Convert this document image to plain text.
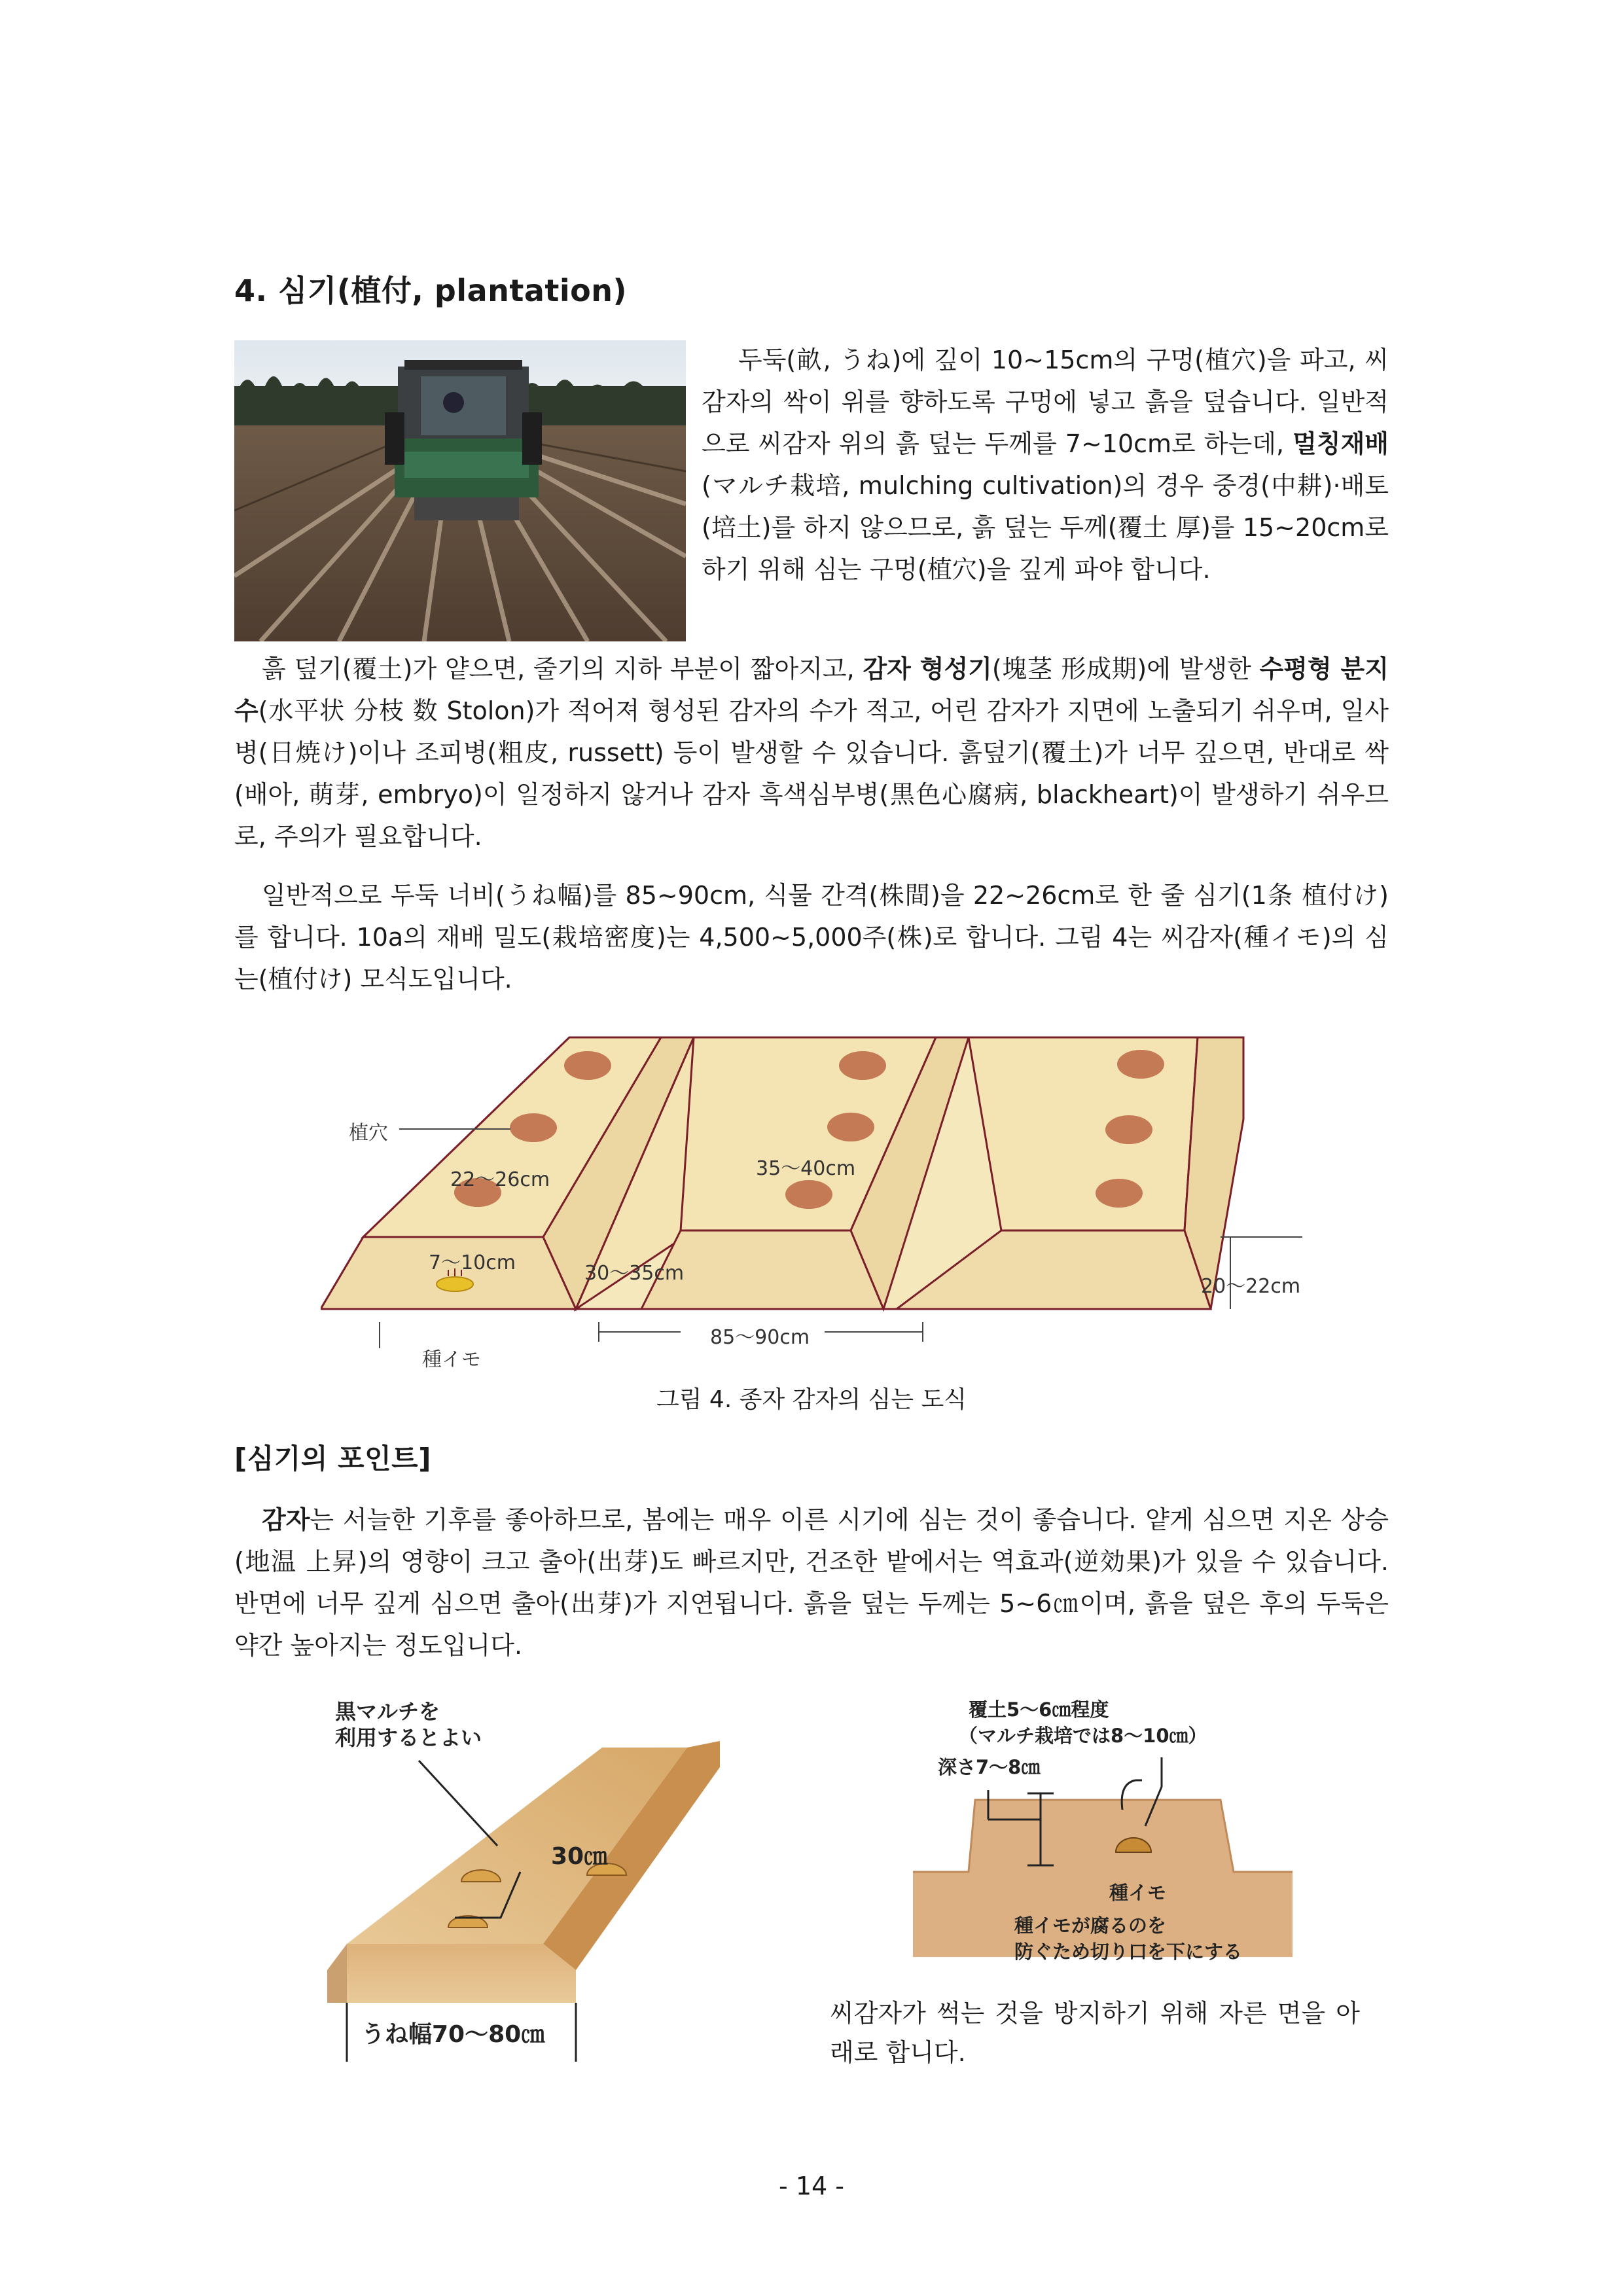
4. 심기(植付, plantation)
두둑(畝, うね)에 깊이 10~15cm의 구멍(植穴)을 파고, 씨감자의 싹이 위를 향하도록 구멍에 넣고 흙을 덮습니다. 일반적으로 씨감자 위의 흙 덮는 두께를 7~10cm로 하는데, 멀칭재배(マルチ栽培, mulching cultivation)의 경우 중경(中耕)·배토(培土)를 하지 않으므로, 흙 덮는 두께(覆土 厚)를 15~20cm로 하기 위해 심는 구멍(植穴)을 깊게 파야 합니다.
흙 덮기(覆土)가 얕으면, 줄기의 지하 부분이 짧아지고, 감자 형성기(塊茎 形成期)에 발생한 수평형 분지 수(水平状 分枝 数 Stolon)가 적어져 형성된 감자의 수가 적고, 어린 감자가 지면에 노출되기 쉬우며, 일사병(日焼け)이나 조피병(粗皮, russett) 등이 발생할 수 있습니다. 흙덮기(覆土)가 너무 깊으면, 반대로 싹(배아, 萌芽, embryo)이 일정하지 않거나 감자 흑색심부병(黒色心腐病, blackheart)이 발생하기 쉬우므로, 주의가 필요합니다.
일반적으로 두둑 너비(うね幅)를 85~90cm, 식물 간격(株間)을 22~26cm로 한 줄 심기(1条 植付け)를 합니다. 10a의 재배 밀도(栽培密度)는 4,500~5,000주(株)로 합니다. 그림 4는 씨감자(種イモ)의 심는(植付け) 모식도입니다.
植穴
22～26cm
7～10cm
種イモ
35～40cm
30～35cm
20～22cm
85～90cm
그림 4. 종자 감자의 심는 도식
[심기의 포인트]
감자는 서늘한 기후를 좋아하므로, 봄에는 매우 이른 시기에 심는 것이 좋습니다. 얕게 심으면 지온 상승(地温 上昇)의 영향이 크고 출아(出芽)도 빠르지만, 건조한 밭에서는 역효과(逆効果)가 있을 수 있습니다. 반면에 너무 깊게 심으면 출아(出芽)가 지연됩니다. 흙을 덮는 두께는 5~6㎝이며, 흙을 덮은 후의 두둑은 약간 높아지는 정도입니다.
黒マルチを
利用するとよい
30㎝
うね幅70～80㎝
覆土5～6㎝程度
（マルチ栽培では8～10㎝）
深さ7～8㎝
種イモ
種イモが腐るのを
防ぐため切り口を下にする
씨감자가 썩는 것을 방지하기 위해 자른 면을 아래로 합니다.
- 14 -
